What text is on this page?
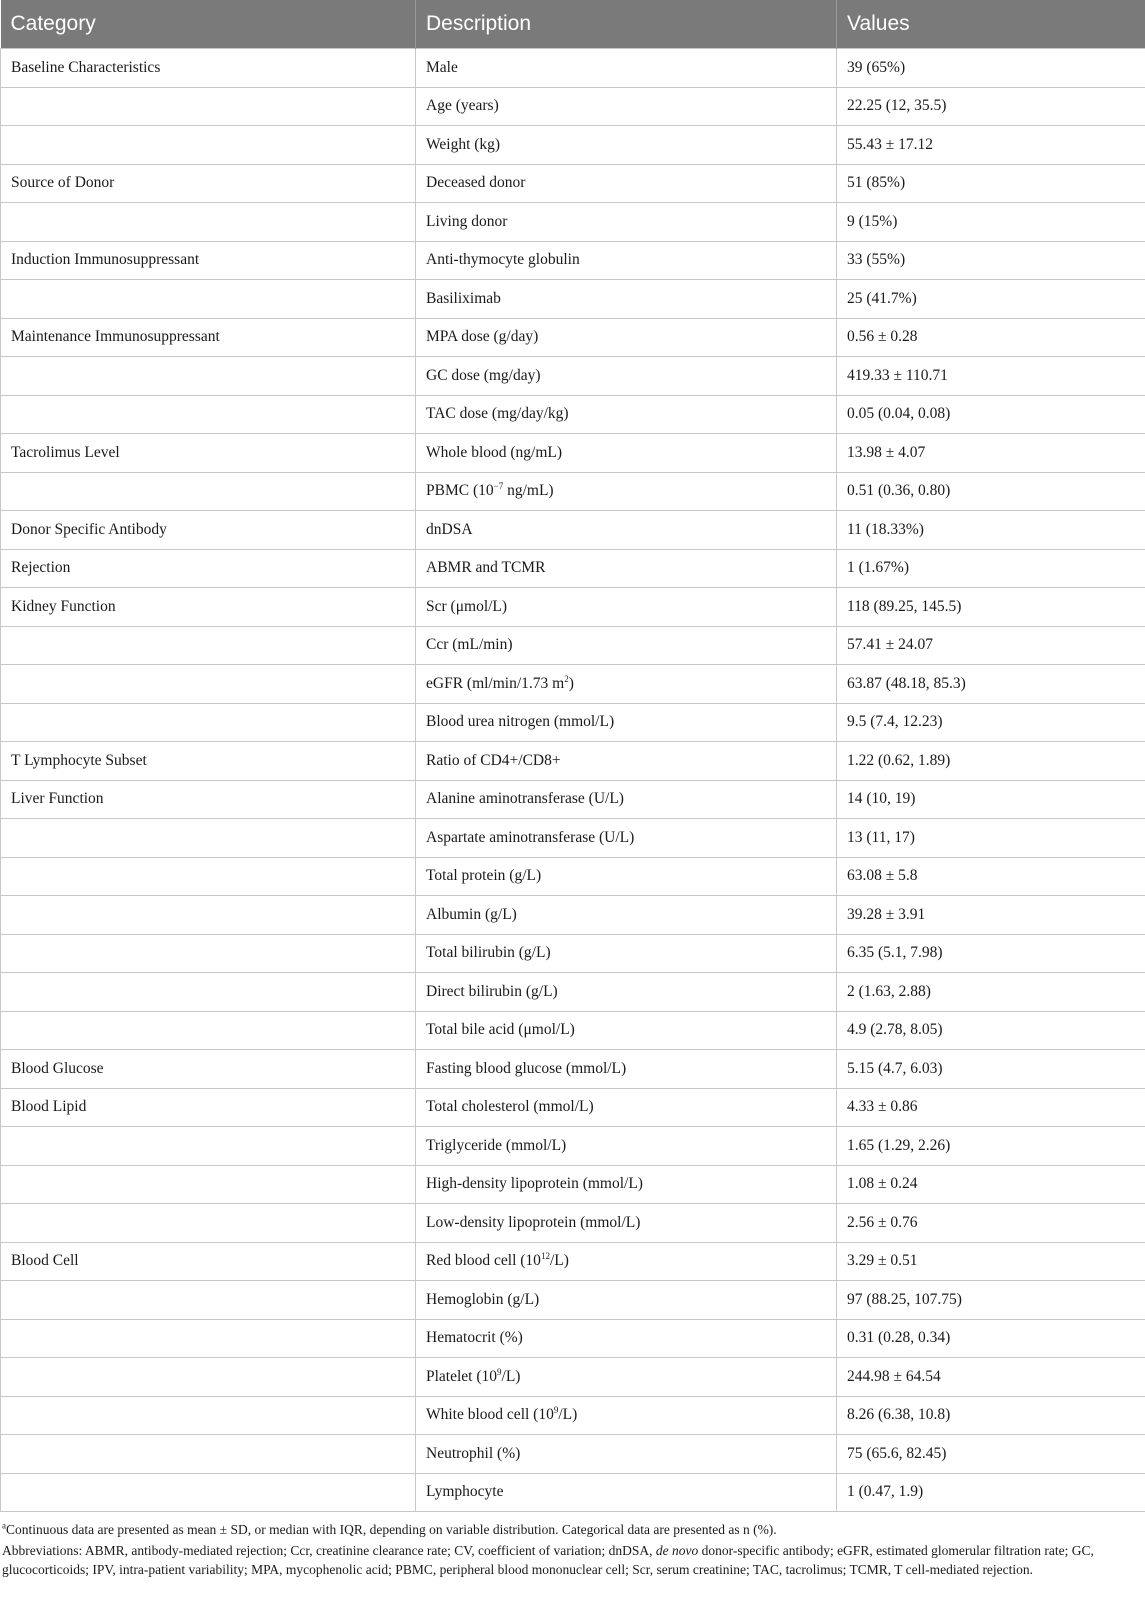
Category	Description	Values
Baseline Characteristics	Male	39 (65%)
	Age (years)	22.25 (12, 35.5)
	Weight (kg)	55.43 ± 17.12
Source of Donor	Deceased donor	51 (85%)
	Living donor	9 (15%)
Induction Immunosuppressant	Anti-thymocyte globulin	33 (55%)
	Basiliximab	25 (41.7%)
Maintenance Immunosuppressant	MPA dose (g/day)	0.56 ± 0.28
	GC dose (mg/day)	419.33 ± 110.71
	TAC dose (mg/day/kg)	0.05 (0.04, 0.08)
Tacrolimus Level	Whole blood (ng/mL)	13.98 ± 4.07
	PBMC ($10^{-7}$ ng/mL)	0.51 (0.36, 0.80)
Donor Specific Antibody	dnDSA	11 (18.33%)
Rejection	ABMR and TCMR	1 (1.67%)
Kidney Function	Scr (μmol/L)	118 (89.25, 145.5)
	Ccr (mL/min)	57.41 ± 24.07
	eGFR (ml/min/1.73 $m^2$)	63.87 (48.18, 85.3)
	Blood urea nitrogen (mmol/L)	9.5 (7.4, 12.23)
T Lymphocyte Subset	Ratio of CD4+/CD8+	1.22 (0.62, 1.89)
Liver Function	Alanine aminotransferase (U/L)	14 (10, 19)
	Aspartate aminotransferase (U/L)	13 (11, 17)
	Total protein (g/L)	63.08 ± 5.8
	Albumin (g/L)	39.28 ± 3.91
	Total bilirubin (g/L)	6.35 (5.1, 7.98)
	Direct bilirubin (g/L)	2 (1.63, 2.88)
	Total bile acid (μmol/L)	4.9 (2.78, 8.05)
Blood Glucose	Fasting blood glucose (mmol/L)	5.15 (4.7, 6.03)
Blood Lipid	Total cholesterol (mmol/L)	4.33 ± 0.86
	Triglyceride (mmol/L)	1.65 (1.29, 2.26)
	High-density lipoprotein (mmol/L)	1.08 ± 0.24
	Low-density lipoprotein (mmol/L)	2.56 ± 0.76
Blood Cell	Red blood cell $(10^{12}/L)$	3.29 ± 0.51
	Hemoglobin (g/L)	97 (88.25, 107.75)
	Hematocrit (%)	0.31 (0.28, 0.34)
	Platelet $(10^9/L)$	244.98 ± 64.54
	White blood cell $(10^9/L)$	8.26 (6.38, 10.8)
	Neutrophil (%)	75 (65.6, 82.45)
	Lymphocyte	1 (0.47, 1.9)

$^a$Continuous data are presented as mean ± SD, or median with IQR, depending on variable distribution. Categorical data are presented as n (%).

Abbreviations: ABMR, antibody-mediated rejection; Ccr, creatinine clearance rate; CV, coefficient of variation; dnDSA, de novo donor-specific antibody; eGFR, estimated glomerular filtration rate; GC, glucocorticoids; IPV, intra-patient variability; MPA, mycophenolic acid; PBMC, peripheral blood mononuclear cell; Scr, serum creatinine; TAC, tacrolimus; TCMR, T cell-mediated rejection.
